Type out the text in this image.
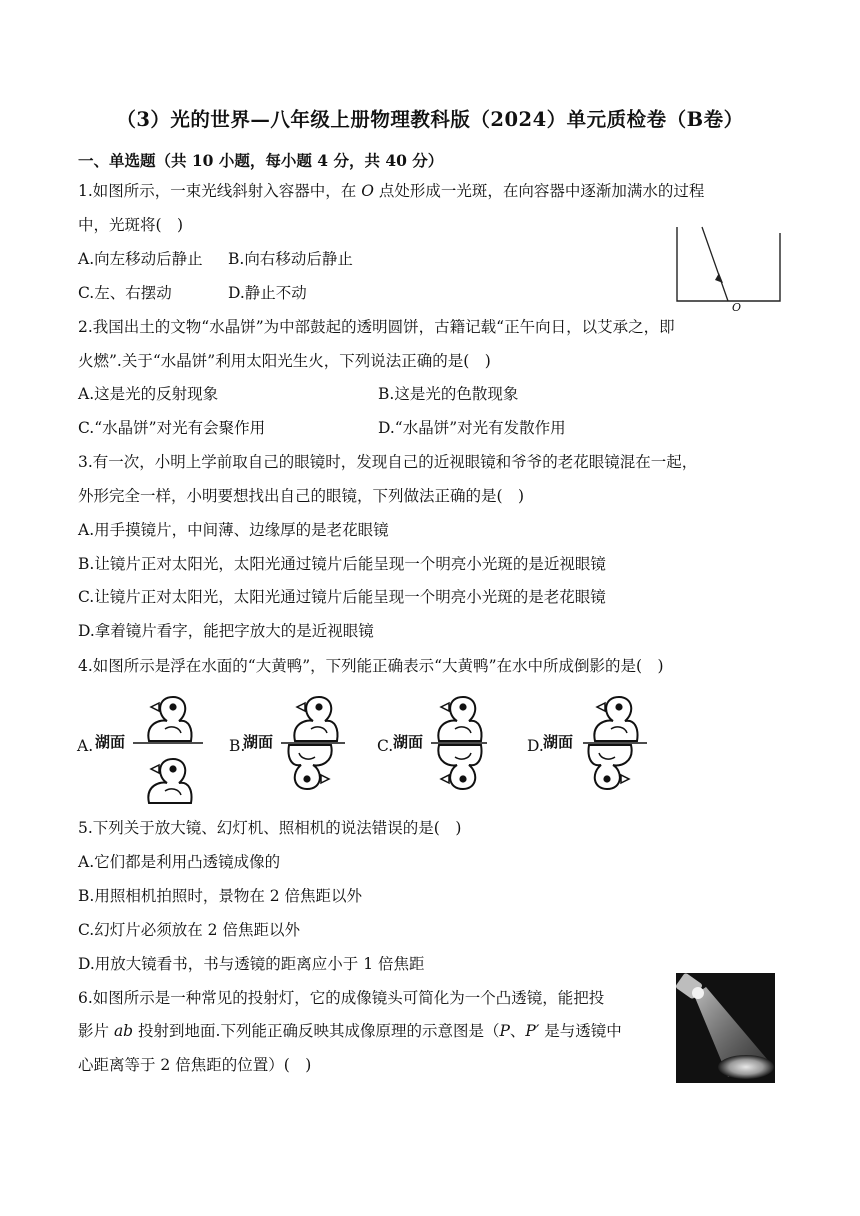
（3）光的世界—八年级上册物理教科版（2024）单元质检卷（B卷）
一、单选题（共 10 小题，每小题 4 分，共 40 分）
1.如图所示，一束光线斜射入容器中，在 O 点处形成一光斑，在向容器中逐渐加满水的过程
中，光斑将(　)
A.向左移动后静止 B.向右移动后静止
C.左、右摆动	D.静止不动
O
2.我国出土的文物“水晶饼”为中部鼓起的透明圆饼，古籍记载“正午向日，以艾承之，即
火燃”.关于“水晶饼”利用太阳光生火，下列说法正确的是(　)
A.这是光的反射现象	B.这是光的色散现象
C.“水晶饼”对光有会聚作用	D.“水晶饼”对光有发散作用
3.有一次，小明上学前取自己的眼镜时，发现自己的近视眼镜和爷爷的老花眼镜混在一起，
外形完全一样，小明要想找出自己的眼镜，下列做法正确的是(　)
A.用手摸镜片，中间薄、边缘厚的是老花眼镜
B.让镜片正对太阳光，太阳光通过镜片后能呈现一个明亮小光斑的是近视眼镜
C.让镜片正对太阳光，太阳光通过镜片后能呈现一个明亮小光斑的是老花眼镜
D.拿着镜片看字，能把字放大的是近视眼镜
4.如图所示是浮在水面的“大黄鸭”，下列能正确表示“大黄鸭”在水中所成倒影的是(　)
A. 湖面	B.
湖面	C. 湖面	D. 湖面
5.下列关于放大镜、幻灯机、照相机的说法错误的是(　)
A.它们都是利用凸透镜成像的
B.用照相机拍照时，景物在 2 倍焦距以外
C.幻灯片必须放在 2 倍焦距以外
D.用放大镜看书，书与透镜的距离应小于 1 倍焦距
6.如图所示是一种常见的投射灯，它的成像镜头可简化为一个凸透镜，能把投
影片 ab 投射到地面.下列能正确反映其成像原理的示意图是（P、P′ 是与透镜中
心距离等于 2 倍焦距的位置）(　)
